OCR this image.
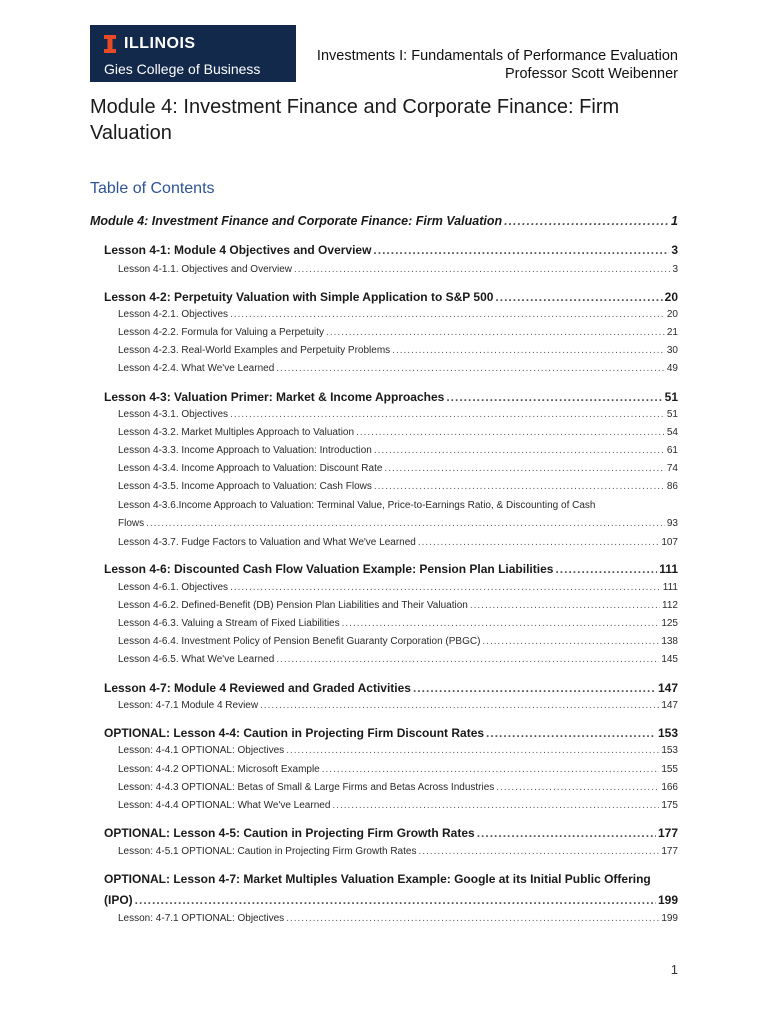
ILLINOIS
Gies College of Business
Investments I: Fundamentals of Performance Evaluation
Professor Scott Weibenner
Module 4: Investment Finance and Corporate Finance: Firm
Valuation
Table of Contents
Module 4: Investment Finance and Corporate Finance: Firm Valuation .....	1
Lesson 4-1: Module 4 Objectives and Overview .....	3
Lesson 4-1.1. Objectives and Overview .....	3
Lesson 4-2: Perpetuity Valuation with Simple Application to S&P 500 .....	20
Lesson 4-2.1. Objectives .....	20
Lesson 4-2.2. Formula for Valuing a Perpetuity .....	21
Lesson 4-2.3. Real-World Examples and Perpetuity Problems .....	30
Lesson 4-2.4. What We've Learned .....	49
Lesson 4-3: Valuation Primer: Market & Income Approaches .....	51
Lesson 4-3.1. Objectives .....	51
Lesson 4-3.2. Market Multiples Approach to Valuation .....	54
Lesson 4-3.3. Income Approach to Valuation: Introduction .....	61
Lesson 4-3.4. Income Approach to Valuation: Discount Rate .....	74
Lesson 4-3.5. Income Approach to Valuation: Cash Flows .....	86
Lesson 4-3.6.Income Approach to Valuation: Terminal Value, Price-to-Earnings Ratio, & Discounting of Cash
Flows .....	93
Lesson 4-3.7. Fudge Factors to Valuation and What We've Learned .....	107
Lesson 4-6: Discounted Cash Flow Valuation Example: Pension Plan Liabilities .....	111
Lesson 4-6.1. Objectives .....	111
Lesson 4-6.2. Defined-Benefit (DB) Pension Plan Liabilities and Their Valuation .....	112
Lesson 4-6.3. Valuing a Stream of Fixed Liabilities .....	125
Lesson 4-6.4. Investment Policy of Pension Benefit Guaranty Corporation (PBGC) .....	138
Lesson 4-6.5. What We've Learned .....	145
Lesson 4-7: Module 4 Reviewed and Graded Activities .....	147
Lesson: 4-7.1 Module 4 Review .....	147
OPTIONAL: Lesson 4-4: Caution in Projecting Firm Discount Rates .....	153
Lesson: 4-4.1 OPTIONAL: Objectives .....	153
Lesson: 4-4.2 OPTIONAL: Microsoft Example .....	155
Lesson: 4-4.3 OPTIONAL: Betas of Small & Large Firms and Betas Across Industries .....	166
Lesson: 4-4.4 OPTIONAL: What We've Learned .....	175
OPTIONAL: Lesson 4-5: Caution in Projecting Firm Growth Rates .....	177
Lesson: 4-5.1 OPTIONAL: Caution in Projecting Firm Growth Rates .....	177
OPTIONAL: Lesson 4-7: Market Multiples Valuation Example: Google at its Initial Public Offering
(IPO) .....	199
Lesson: 4-7.1 OPTIONAL: Objectives .....	199
1
